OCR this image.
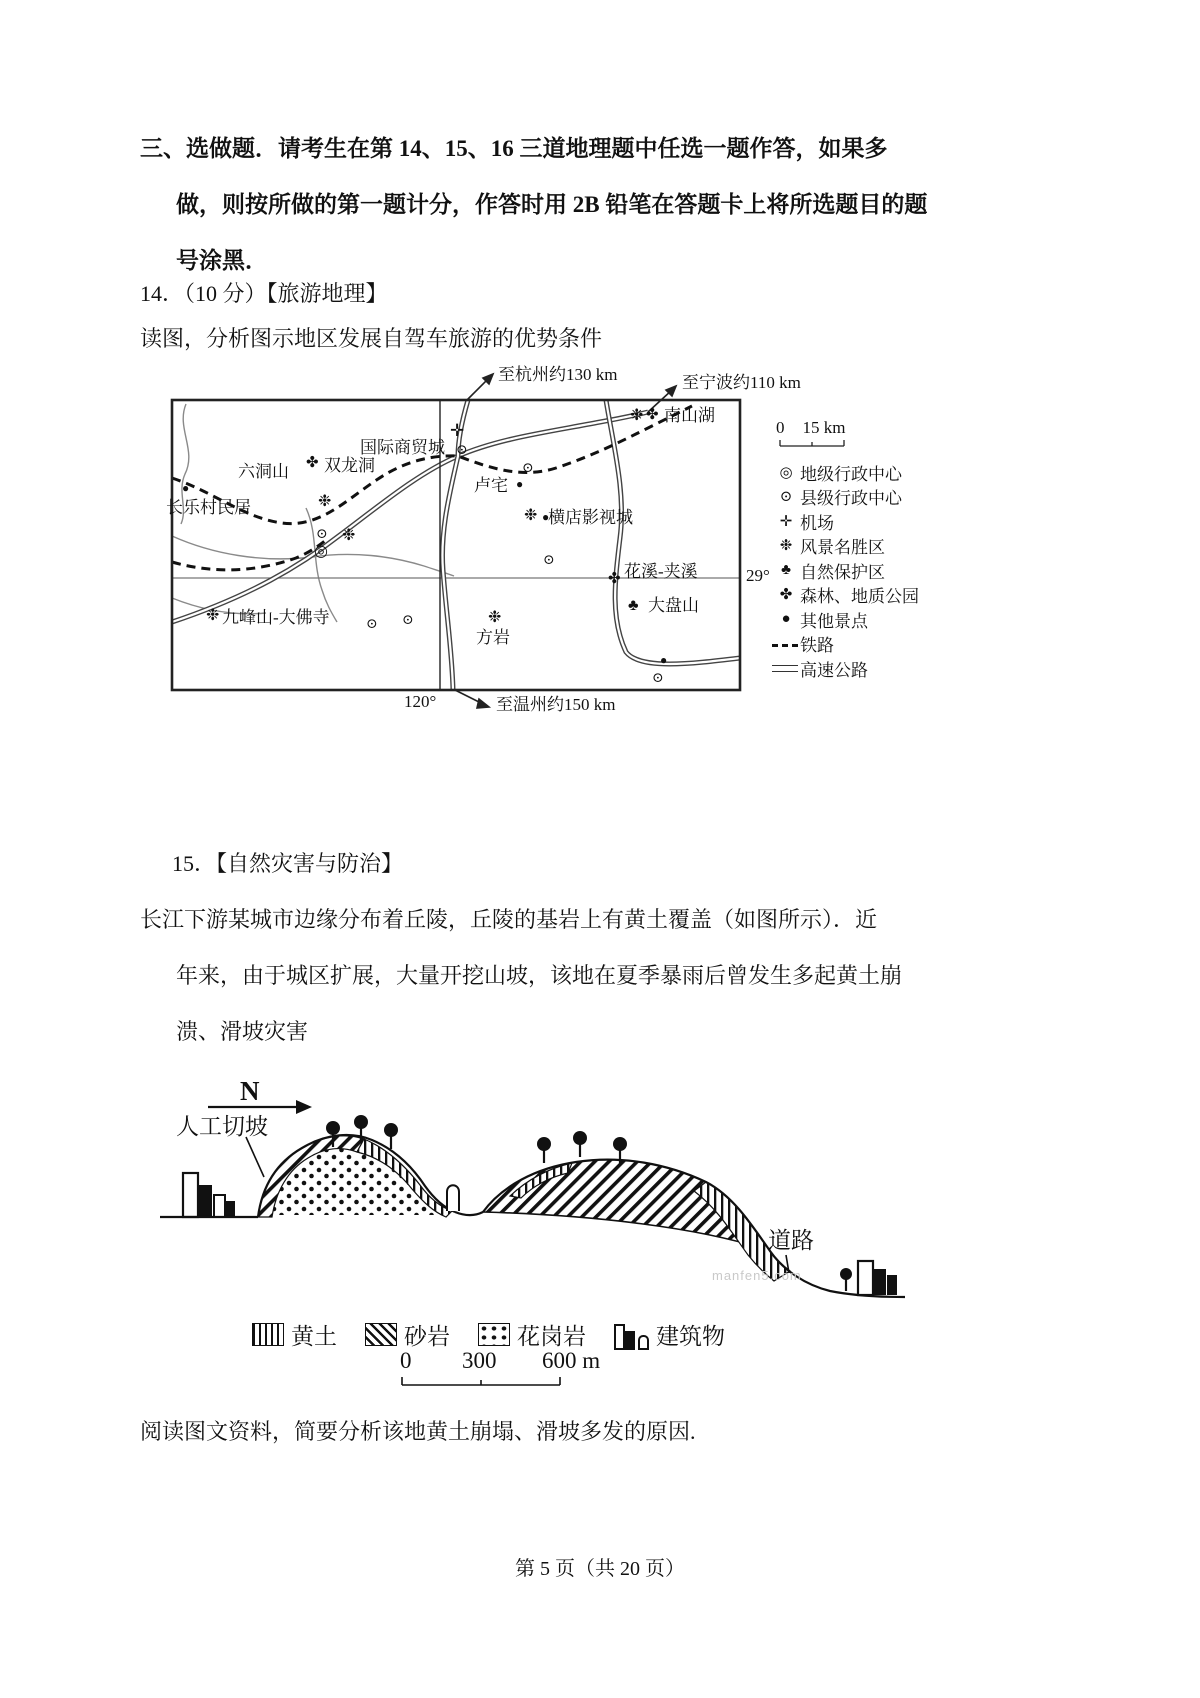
三、选做题．请考生在第 14、15、16 三道地理题中任选一题作答，如果多
做，则按所做的第一题计分，作答时用 2B 铅笔在答题卡上将所选题目的题
号涂黑．
14．（10 分）【旅游地理】
读图，分析图示地区发展自驾车旅游的优势条件
至杭州约130 km	至宁波约110 km
至温州约150 km
29°
120°
0 15 km
❉ ✤
✛
⊙
✤
❉
⊙ ❉
●	●
⊙
❉ ●
◎
⊙
✤
♣
❉
⊙ ⊙	❉
●
⊙
南山湖
国际商贸城
双龙洞
六洞山
卢宅
长乐村民居
横店影视城
花溪-夹溪
大盘山
九峰山-大佛寺
方岩
◎ 地级行政中心
⊙ 县级行政中心
✛ 机场
❉ 风景名胜区
♣ 自然保护区
✤ 森林、地质公园
● 其他景点
铁路
高速公路
15．【自然灾害与防治】
长江下游某城市边缘分布着丘陵，丘陵的基岩上有黄土覆盖（如图所示）．近
年来，由于城区扩展，大量开挖山坡，该地在夏季暴雨后曾发生多起黄土崩
溃、滑坡灾害
N
人工切坡
道路
黄土	砂岩	花岗岩	建筑物
0 300 600 m
manfen5.com
阅读图文资料，简要分析该地黄土崩塌、滑坡多发的原因.
第 5 页（共 20 页）
